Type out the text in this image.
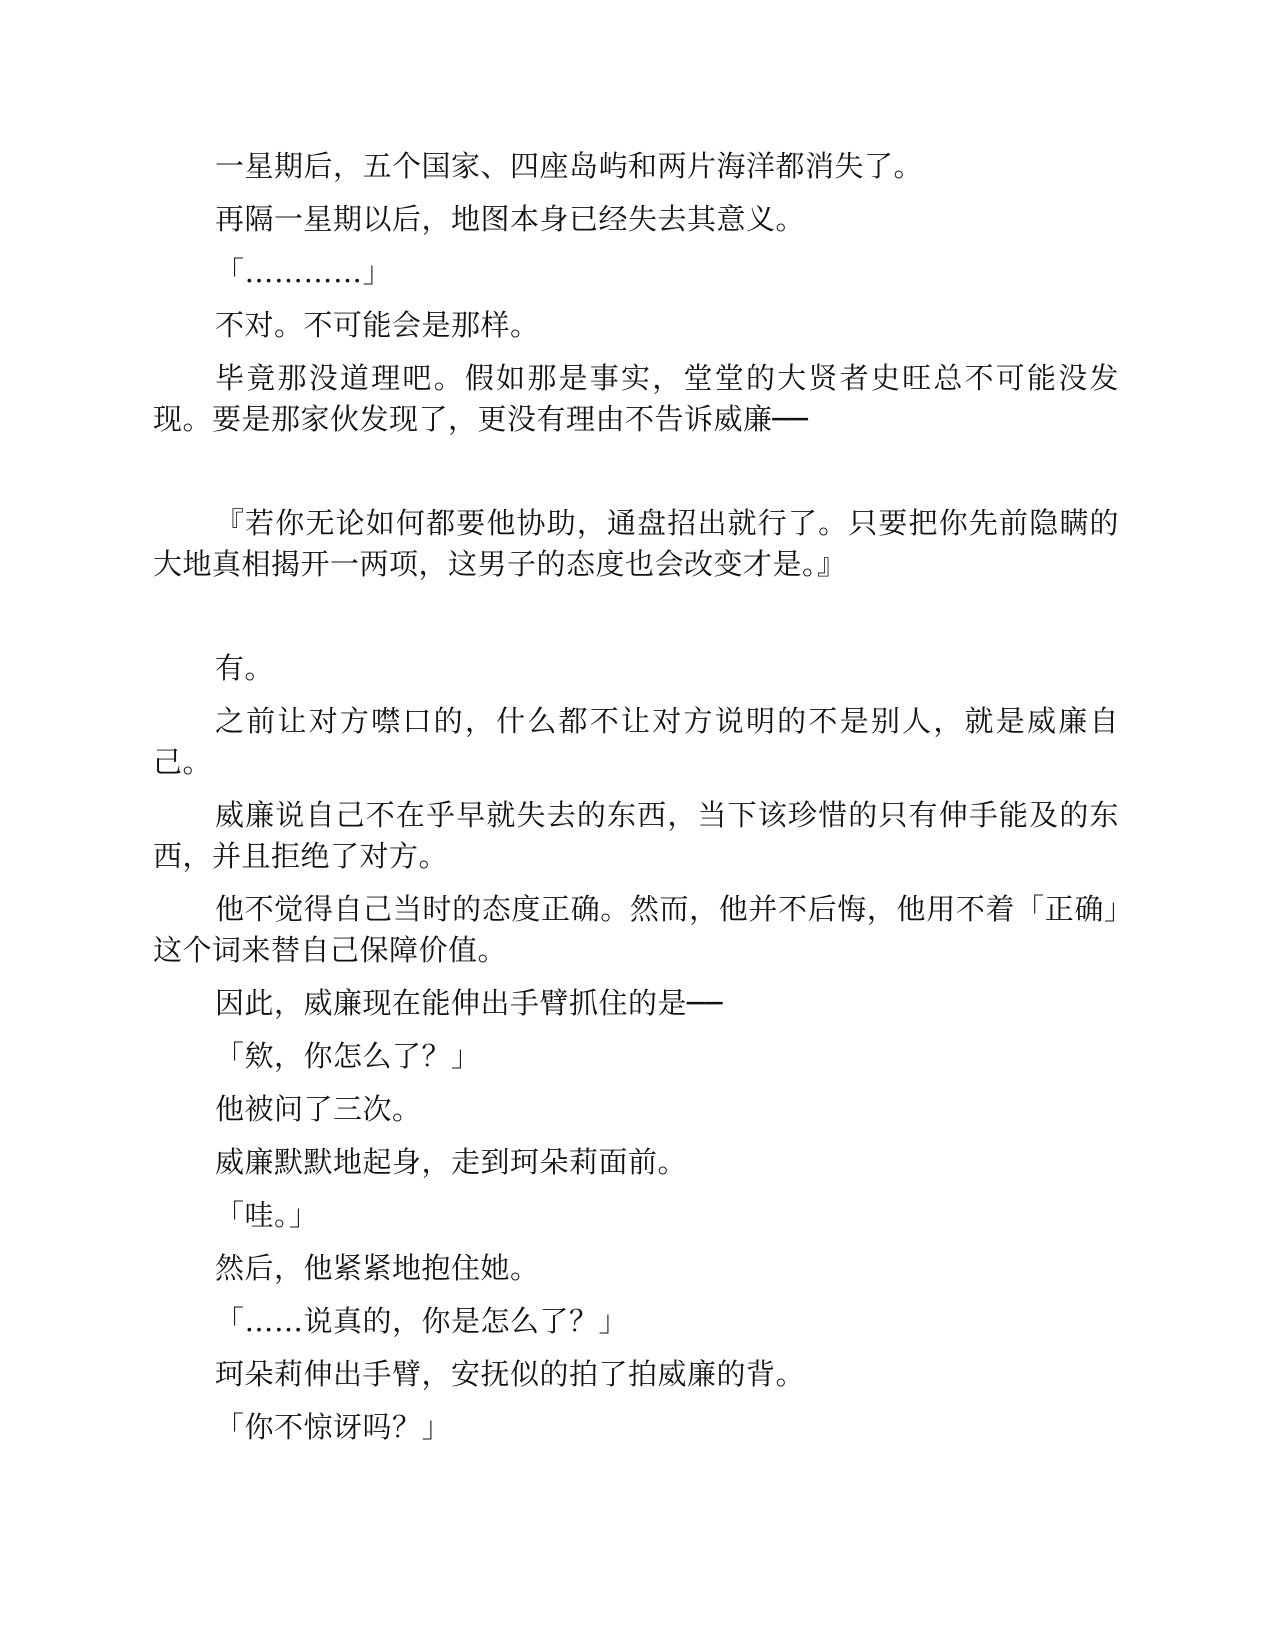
一星期后，五个国家、四座岛屿和两片海洋都消失了。

再隔一星期以后，地图本身已经失去其意义。

「…………」

不对。不可能会是那样。

毕竟那没道理吧。假如那是事实，堂堂的大贤者史旺总不可能没发现。要是那家伙发现了，更没有理由不告诉威廉──

『若你无论如何都要他协助，通盘招出就行了。只要把你先前隐瞒的大地真相揭开一两项，这男子的态度也会改变才是。』

有。

之前让对方噤口的，什么都不让对方说明的不是别人，就是威廉自己。

威廉说自己不在乎早就失去的东西，当下该珍惜的只有伸手能及的东西，并且拒绝了对方。

他不觉得自己当时的态度正确。然而，他并不后悔，他用不着「正确」这个词来替自己保障价值。

因此，威廉现在能伸出手臂抓住的是──

「欸，你怎么了？」

他被问了三次。

威廉默默地起身，走到珂朵莉面前。

「哇。」

然后，他紧紧地抱住她。

「……说真的，你是怎么了？」

珂朵莉伸出手臂，安抚似的拍了拍威廉的背。

「你不惊讶吗？」
